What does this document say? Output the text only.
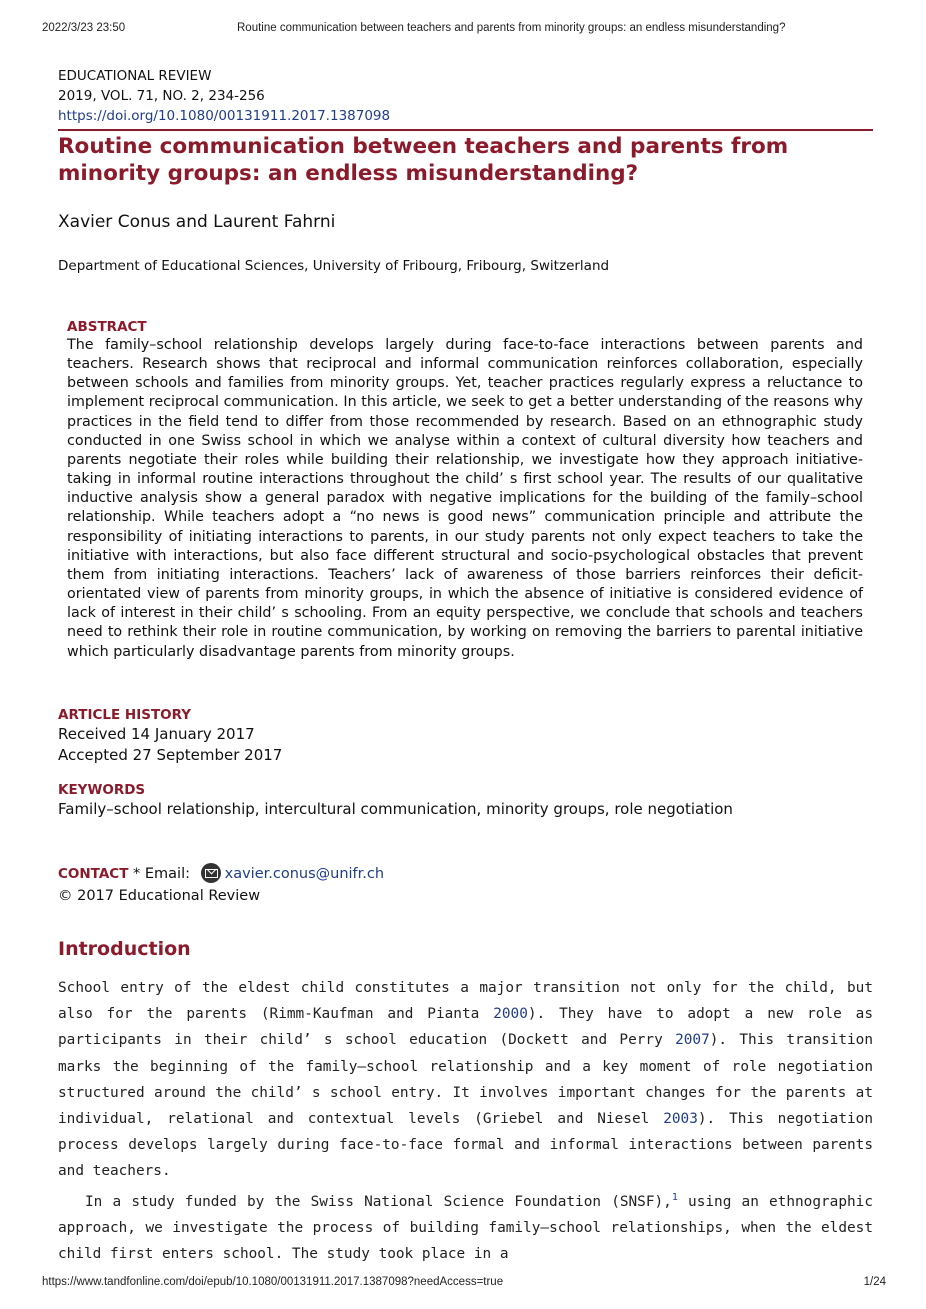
2022/3/23 23:50	Routine communication between teachers and parents from minority groups: an endless misunderstanding?
EDUCATIONAL REVIEW
2019, VOL. 71, NO. 2, 234-256
https://doi.org/10.1080/00131911.2017.1387098
Routine communication between teachers and parents from minority groups: an endless misunderstanding?
Xavier Conus and Laurent Fahrni
Department of Educational Sciences, University of Fribourg, Fribourg, Switzerland
ABSTRACT

The family–school relationship develops largely during face-to-face interactions between parents and teachers. Research shows that reciprocal and informal communication reinforces collaboration, especially between schools and families from minority groups. Yet, teacher practices regularly express a reluctance to implement reciprocal communication. In this article, we seek to get a better understanding of the reasons why practices in the field tend to differ from those recommended by research. Based on an ethnographic study conducted in one Swiss school in which we analyse within a context of cultural diversity how teachers and parents negotiate their roles while building their relationship, we investigate how they approach initiative-taking in informal routine interactions throughout the child’ s first school year. The results of our qualitative inductive analysis show a general paradox with negative implications for the building of the family–school relationship. While teachers adopt a “no news is good news” communication principle and attribute the responsibility of initiating interactions to parents, in our study parents not only expect teachers to take the initiative with interactions, but also face different structural and socio-psychological obstacles that prevent them from initiating interactions. Teachers’ lack of awareness of those barriers reinforces their deficit-orientated view of parents from minority groups, in which the absence of initiative is considered evidence of lack of interest in their child’ s schooling. From an equity perspective, we conclude that schools and teachers need to rethink their role in routine communication, by working on removing the barriers to parental initiative which particularly disadvantage parents from minority groups.

ARTICLE HISTORY
Received 14 January 2017
Accepted 27 September 2017
KEYWORDS
Family–school relationship, intercultural communication, minority groups, role negotiation
CONTACT * Email: xavier.conus@unifr.ch
© 2017 Educational Review
Introduction

School entry of the eldest child constitutes a major transition not only for the child, but also for the parents (Rimm-Kaufman and Pianta 2000). They have to adopt a new role as participants in their child’ s school education (Dockett and Perry 2007). This transition marks the beginning of the family–school relationship and a key moment of role negotiation structured around the child’ s school entry. It involves important changes for the parents at individual, relational and contextual levels (Griebel and Niesel 2003). This negotiation process develops largely during face-to-face formal and informal interactions between parents and teachers.

In a study funded by the Swiss National Science Foundation (SNSF),$^1$ using an ethnographic approach, we investigate the process of building family–school relationships, when the eldest child first enters school. The study took place in a

https://www.tandfonline.com/doi/epub/10.1080/00131911.2017.1387098?needAccess=true	1/24
